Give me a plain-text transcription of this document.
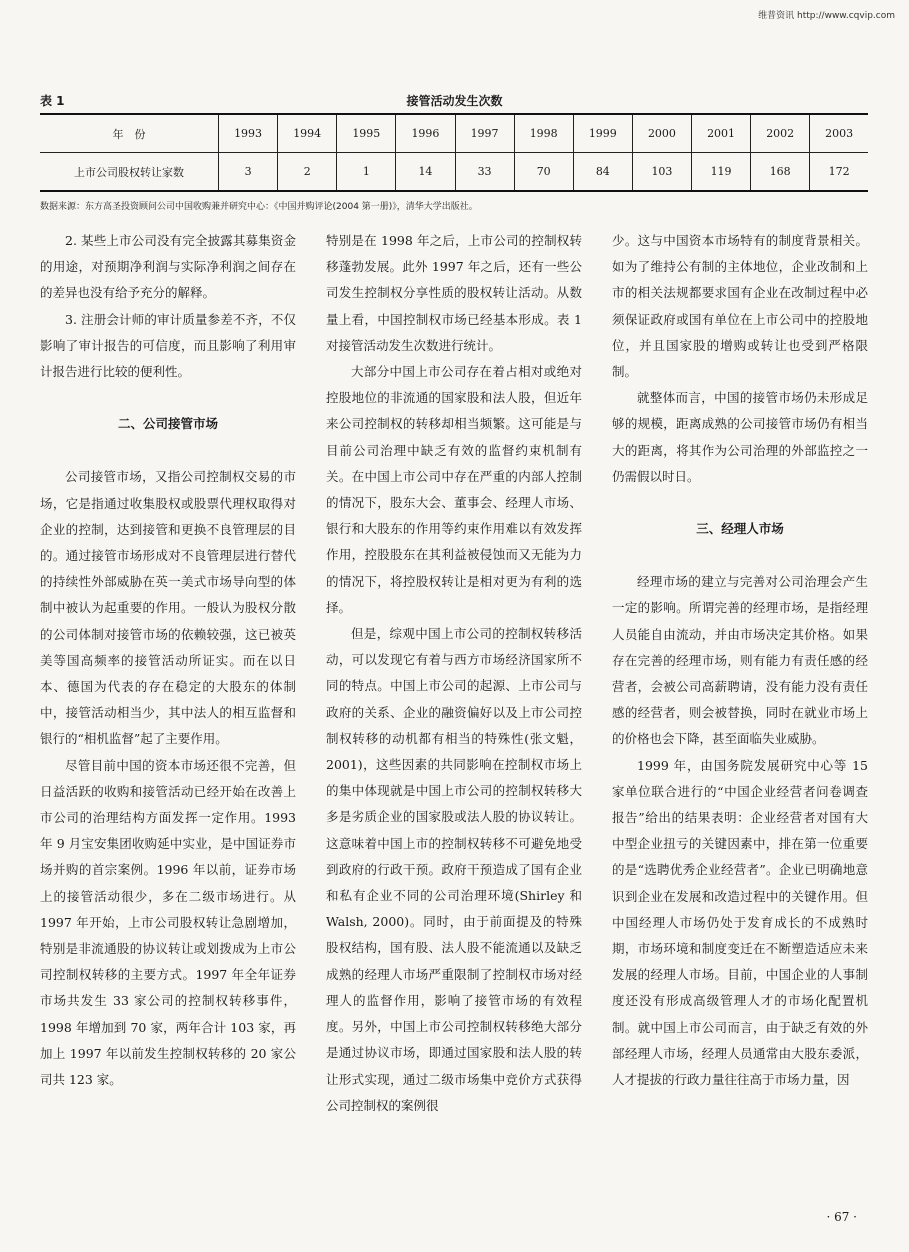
维普资讯 http://www.cqvip.com
表 1	接管活动发生次数
年　份	1993	1994	1995	1996	1997	1998	1999	2000	2001	2002	2003
上市公司股权转让家数	3	2	1	14	33	70	84	103	119	168	172
数据来源：东方高圣投资顾问公司中国收购兼并研究中心：《中国并购评论(2004 第一册)》，清华大学出版社。

2. 某些上市公司没有完全披露其募集资金的用途，对预期净利润与实际净利润之间存在的差异也没有给予充分的解释。

3. 注册会计师的审计质量参差不齐，不仅影响了审计报告的可信度，而且影响了利用审计报告进行比较的便利性。

二、公司接管市场

公司接管市场，又指公司控制权交易的市场，它是指通过收集股权或股票代理权取得对企业的控制，达到接管和更换不良管理层的目的。通过接管市场形成对不良管理层进行替代的持续性外部威胁在英一美式市场导向型的体制中被认为起重要的作用。一般认为股权分散的公司体制对接管市场的依赖较强，这已被英美等国高频率的接管活动所证实。而在以日本、德国为代表的存在稳定的大股东的体制中，接管活动相当少，其中法人的相互监督和银行的“相机监督”起了主要作用。

尽管目前中国的资本市场还很不完善，但日益活跃的收购和接管活动已经开始在改善上市公司的治理结构方面发挥一定作用。1993 年 9 月宝安集团收购延中实业，是中国证券市场并购的首宗案例。1996 年以前，证券市场上的接管活动很少，多在二级市场进行。从 1997 年开始，上市公司股权转让急剧增加，特别是非流通股的协议转让或划拨成为上市公司控制权转移的主要方式。1997 年全年证券市场共发生 33 家公司的控制权转移事件，1998 年增加到 70 家，两年合计 103 家，再加上 1997 年以前发生控制权转移的 20 家公司共 123 家。

特别是在 1998 年之后，上市公司的控制权转移蓬勃发展。此外 1997 年之后，还有一些公司发生控制权分享性质的股权转让活动。从数量上看，中国控制权市场已经基本形成。表 1 对接管活动发生次数进行统计。

大部分中国上市公司存在着占相对或绝对控股地位的非流通的国家股和法人股，但近年来公司控制权的转移却相当频繁。这可能是与目前公司治理中缺乏有效的监督约束机制有关。在中国上市公司中存在严重的内部人控制的情况下，股东大会、董事会、经理人市场、银行和大股东的作用等约束作用难以有效发挥作用，控股股东在其利益被侵蚀而又无能为力的情况下，将控股权转让是相对更为有利的选择。

但是，综观中国上市公司的控制权转移活动，可以发现它有着与西方市场经济国家所不同的特点。中国上市公司的起源、上市公司与政府的关系、企业的融资偏好以及上市公司控制权转移的动机都有相当的特殊性(张文魁，2001)，这些因素的共同影响在控制权市场上的集中体现就是中国上市公司的控制权转移大多是劣质企业的国家股或法人股的协议转让。这意味着中国上市的控制权转移不可避免地受到政府的行政干预。政府干预造成了国有企业和私有企业不同的公司治理环境(Shirley 和 Walsh, 2000)。同时，由于前面提及的特殊股权结构，国有股、法人股不能流通以及缺乏成熟的经理人市场严重限制了控制权市场对经理人的监督作用，影响了接管市场的有效程度。另外，中国上市公司控制权转移绝大部分是通过协议市场，即通过国家股和法人股的转让形式实现，通过二级市场集中竞价方式获得公司控制权的案例很

少。这与中国资本市场特有的制度背景相关。如为了维持公有制的主体地位，企业改制和上市的相关法规都要求国有企业在改制过程中必须保证政府或国有单位在上市公司中的控股地位，并且国家股的增购或转让也受到严格限制。

就整体而言，中国的接管市场仍未形成足够的规模，距离成熟的公司接管市场仍有相当大的距离，将其作为公司治理的外部监控之一仍需假以时日。

三、经理人市场

经理市场的建立与完善对公司治理会产生一定的影响。所谓完善的经理市场，是指经理人员能自由流动，并由市场决定其价格。如果存在完善的经理市场，则有能力有责任感的经营者，会被公司高薪聘请，没有能力没有责任感的经营者，则会被替换，同时在就业市场上的价格也会下降，甚至面临失业威胁。

1999 年，由国务院发展研究中心等 15 家单位联合进行的“中国企业经营者问卷调查报告”给出的结果表明：企业经营者对国有大中型企业扭亏的关键因素中，排在第一位重要的是“选聘优秀企业经营者”。企业已明确地意识到企业在发展和改造过程中的关键作用。但中国经理人市场仍处于发育成长的不成熟时期，市场环境和制度变迁在不断塑造适应未来发展的经理人市场。目前，中国企业的人事制度还没有形成高级管理人才的市场化配置机制。就中国上市公司而言，由于缺乏有效的外部经理人市场，经理人员通常由大股东委派，人才提拔的行政力量往往高于市场力量，因

· 67 ·
